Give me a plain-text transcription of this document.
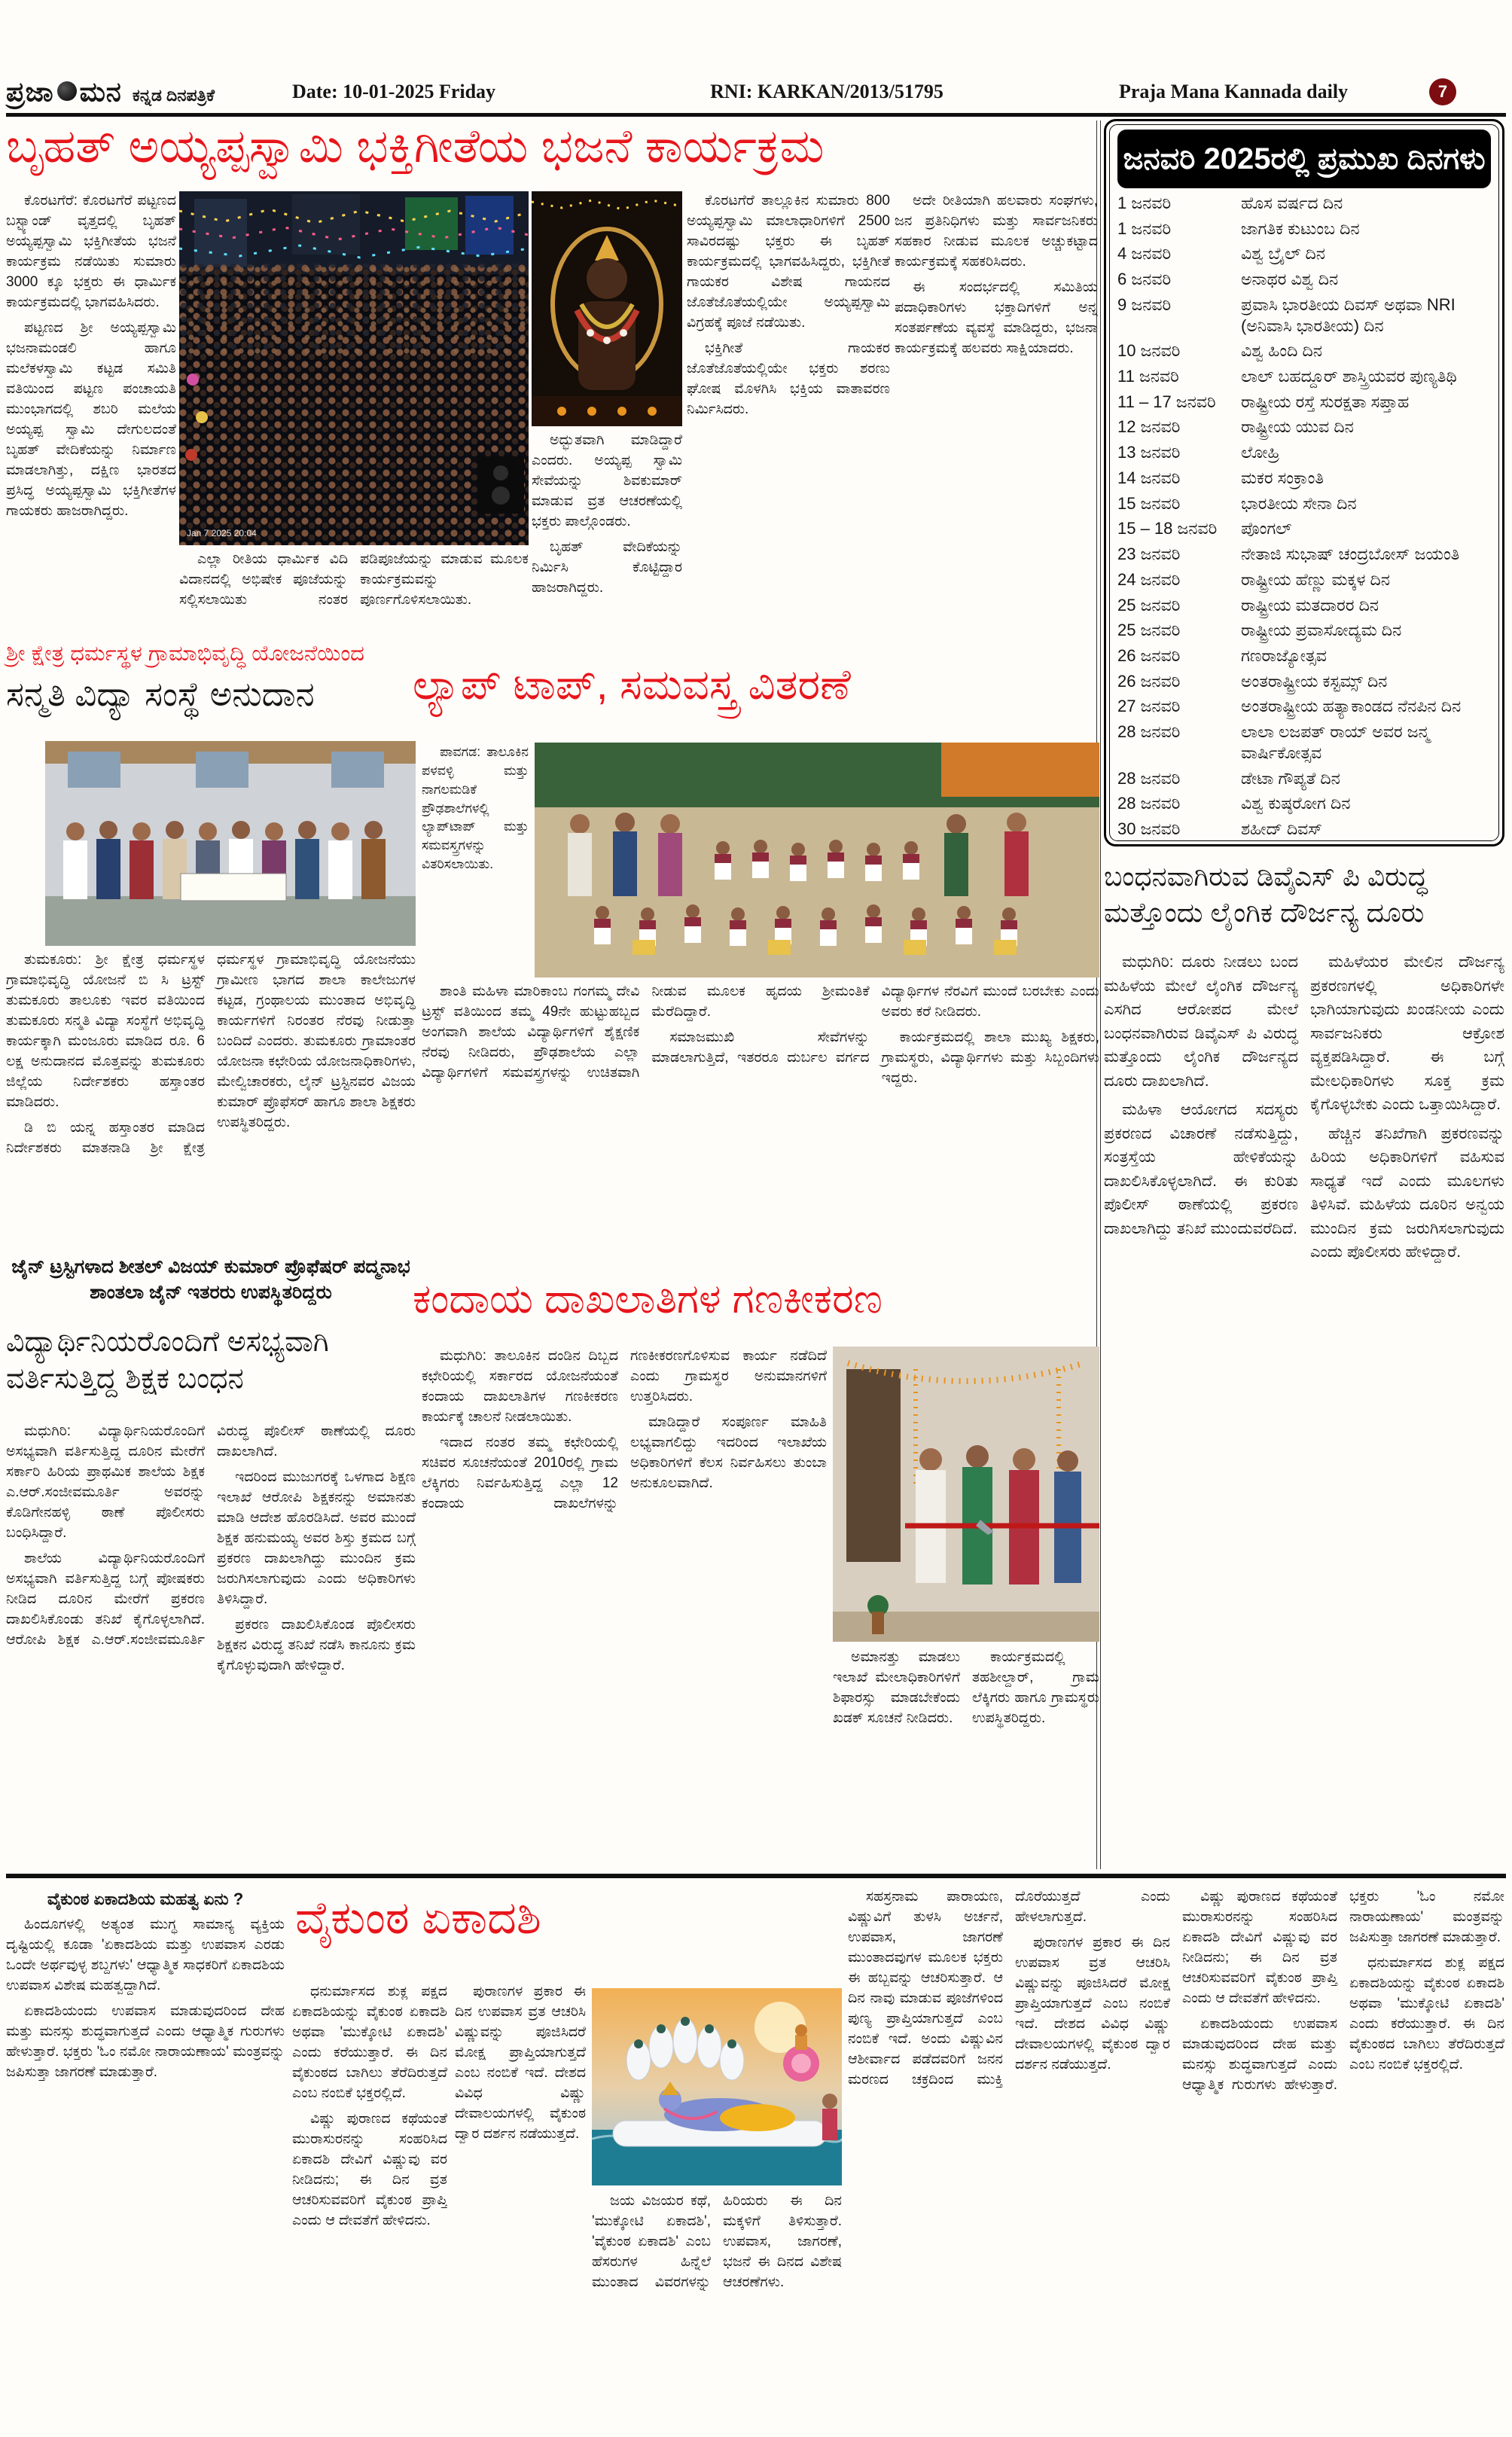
ಪ್ರಜಾ ಮನ ಕನ್ನಡ ದಿನಪತ್ರಿಕೆ	Date: 10-01-2025 Friday	RNI: KARKAN/2013/51795	Praja Mana Kannada daily	7
ಬೃಹತ್ ಅಯ್ಯಪ್ಪಸ್ವಾಮಿ ಭಕ್ತಿಗೀತೆಯ ಭಜನೆ ಕಾರ್ಯಕ್ರಮ	ಜನವರಿ 2025ರಲ್ಲಿ ಪ್ರಮುಖ ದಿನಗಳು
1 ಜನವರಿ	ಹೊಸ ವರ್ಷದ ದಿನ
1 ಜನವರಿ	ಜಾಗತಿಕ ಕುಟುಂಬ ದಿನ
4 ಜನವರಿ	ವಿಶ್ವ ಬ್ರೈಲ್ ದಿನ
6 ಜನವರಿ	ಅನಾಥರ ವಿಶ್ವ ದಿನ
9 ಜನವರಿ	ಪ್ರವಾಸಿ ಭಾರತೀಯ ದಿವಸ್ ಅಥವಾ NRI (ಅನಿವಾಸಿ ಭಾರತೀಯ) ದಿನ
10 ಜನವರಿ	ವಿಶ್ವ ಹಿಂದಿ ದಿನ
11 ಜನವರಿ	ಲಾಲ್ ಬಹದ್ದೂರ್ ಶಾಸ್ತ್ರಿಯವರ ಪುಣ್ಯತಿಥಿ
11 – 17 ಜನವರಿ	ರಾಷ್ಟ್ರೀಯ ರಸ್ತೆ ಸುರಕ್ಷತಾ ಸಪ್ತಾಹ
12 ಜನವರಿ	ರಾಷ್ಟ್ರೀಯ ಯುವ ದಿನ
13 ಜನವರಿ	ಲೋಹ್ರಿ
14 ಜನವರಿ	ಮಕರ ಸಂಕ್ರಾಂತಿ
15 ಜನವರಿ	ಭಾರತೀಯ ಸೇನಾ ದಿನ
15 – 18 ಜನವರಿ	ಪೊಂಗಲ್
23 ಜನವರಿ	ನೇತಾಜಿ ಸುಭಾಷ್ ಚಂದ್ರಬೋಸ್ ಜಯಂತಿ
24 ಜನವರಿ	ರಾಷ್ಟ್ರೀಯ ಹೆಣ್ಣು ಮಕ್ಕಳ ದಿನ
25 ಜನವರಿ	ರಾಷ್ಟ್ರೀಯ ಮತದಾರರ ದಿನ
25 ಜನವರಿ	ರಾಷ್ಟ್ರೀಯ ಪ್ರವಾಸೋದ್ಯಮ ದಿನ
26 ಜನವರಿ	ಗಣರಾಜ್ಯೋತ್ಸವ
26 ಜನವರಿ	ಅಂತರಾಷ್ಟ್ರೀಯ ಕಸ್ಟಮ್ಸ್ ದಿನ
27 ಜನವರಿ	ಅಂತರಾಷ್ಟ್ರೀಯ ಹತ್ಯಾಕಾಂಡದ ನೆನಪಿನ ದಿನ
28 ಜನವರಿ	ಲಾಲಾ ಲಜಪತ್ ರಾಯ್ ಅವರ ಜನ್ಮ ವಾರ್ಷಿಕೋತ್ಸವ
28 ಜನವರಿ	ಡೇಟಾ ಗೌಪ್ಯತೆ ದಿನ
28 ಜನವರಿ	ವಿಶ್ವ ಕುಷ್ಠರೋಗ ದಿನ
30 ಜನವರಿ	ಶಹೀದ್ ದಿವಸ್

ಕೊರಟಗೆರೆ: ಕೊರಟಗೆರೆ ಪಟ್ಟಣದ ಬಸ್ಟ್ಯಾಂಡ್ ವೃತ್ತದಲ್ಲಿ ಬೃಹತ್ ಅಯ್ಯಪ್ಪಸ್ವಾಮಿ ಭಕ್ತಿಗೀತೆಯ ಭಜನೆ ಕಾರ್ಯಕ್ರಮ ನಡೆಯಿತು ಸುಮಾರು 3000 ಕ್ಕೂ ಭಕ್ತರು ಈ ಧಾರ್ಮಿಕ ಕಾರ್ಯಕ್ರಮದಲ್ಲಿ ಭಾಗವಹಿಸಿದರು.

ಪಟ್ಟಣದ ಶ್ರೀ ಅಯ್ಯಪ್ಪಸ್ವಾಮಿ ಭಜನಾಮಂಡಲಿ ಹಾಗೂ ಮಲೆಕಳಸ್ವಾಮಿ ಕಟ್ಟಡ ಸಮಿತಿ ವತಿಯಿಂದ ಪಟ್ಟಣ ಪಂಚಾಯತಿ ಮುಂಭಾಗದಲ್ಲಿ ಶಬರಿ ಮಲೆಯ ಅಯ್ಯಪ್ಪ ಸ್ವಾಮಿ ದೇಗುಲದಂತೆ ಬೃಹತ್ ವೇದಿಕೆಯನ್ನು ನಿರ್ಮಾಣ ಮಾಡಲಾಗಿತ್ತು, ದಕ್ಷಿಣ ಭಾರತದ ಪ್ರಸಿದ್ಧ ಅಯ್ಯಪ್ಪಸ್ವಾಮಿ ಭಕ್ತಿಗೀತೆಗಳ ಗಾಯಕರು ಹಾಜರಾಗಿದ್ದರು.

Jan 7 2025 20:04

ಅದ್ಭುತವಾಗಿ ಮಾಡಿದ್ದಾರೆ ಎಂದರು. ಅಯ್ಯಪ್ಪ ಸ್ವಾಮಿ ಸೇವೆಯನ್ನು ಶಿವಕುಮಾರ್ ಮಾಡುವ ವ್ರತ ಆಚರಣೆಯಲ್ಲಿ ಭಕ್ತರು ಪಾಲ್ಗೊಂಡರು.

ಬೃಹತ್ ವೇದಿಕೆಯನ್ನು ನಿರ್ಮಿಸಿ ಕೊಟ್ಟಿದ್ದಾರ ಹಾಜರಾಗಿದ್ದರು.

ಎಲ್ಲಾ ರೀತಿಯ ಧಾರ್ಮಿಕ ವಿದಿ ವಿದಾನದಲ್ಲಿ ಅಭಿಷೇಕ ಪೂಜೆಯನ್ನು ಸಲ್ಲಿಸಲಾಯಿತು ನಂತರ ಪಡಿಪೂಜೆಯನ್ನು ಮಾಡುವ ಮೂಲಕ ಕಾರ್ಯಕ್ರಮವನ್ನು ಪೂರ್ಣಗೊಳಿಸಲಾಯಿತು.

ಕೊರಟಗೆರೆ ತಾಲ್ಲೂಕಿನ ಸುಮಾರು 800 ಅಯ್ಯಪ್ಪಸ್ವಾಮಿ ಮಾಲಾಧಾರಿಗಳಿಗೆ 2500 ಸಾವಿರದಷ್ಟು ಭಕ್ತರು ಈ ಬೃಹತ್ ಕಾರ್ಯಕ್ರಮದಲ್ಲಿ ಭಾಗವಹಿಸಿದ್ದರು, ಭಕ್ತಿಗೀತೆ ಗಾಯಕರ ವಿಶೇಷ ಗಾಯನದ ಜೊತೆಜೊತೆಯಲ್ಲಿಯೇ ಅಯ್ಯಪ್ಪಸ್ವಾಮಿ ವಿಗ್ರಹಕ್ಕೆ ಪೂಜೆ ನಡೆಯಿತು.

ಭಕ್ತಿಗೀತೆ ಗಾಯಕರ ಜೊತೆಜೊತೆಯಲ್ಲಿಯೇ ಭಕ್ತರು ಶರಣು ಘೋಷ ಮೊಳಗಿಸಿ ಭಕ್ತಿಯ ವಾತಾವರಣ ನಿರ್ಮಿಸಿದರು.

ಅದೇ ರೀತಿಯಾಗಿ ಹಲವಾರು ಸಂಘಗಳು, ಜನ ಪ್ರತಿನಿಧಿಗಳು ಮತ್ತು ಸಾರ್ವಜನಿಕರು ಸಹಕಾರ ನೀಡುವ ಮೂಲಕ ಅಚ್ಚುಕಟ್ಟಾದ ಕಾರ್ಯಕ್ರಮಕ್ಕೆ ಸಹಕರಿಸಿದರು.

ಈ ಸಂದರ್ಭದಲ್ಲಿ ಸಮಿತಿಯ ಪದಾಧಿಕಾರಿಗಳು ಭಕ್ತಾದಿಗಳಿಗೆ ಅನ್ನ ಸಂತರ್ಪಣೆಯ ವ್ಯವಸ್ಥೆ ಮಾಡಿದ್ದರು, ಭಜನಾ ಕಾರ್ಯಕ್ರಮಕ್ಕೆ ಹಲವರು ಸಾಕ್ಷಿಯಾದರು.

ಶ್ರೀ ಕ್ಷೇತ್ರ ಧರ್ಮಸ್ಥಳ ಗ್ರಾಮಾಭಿವೃದ್ಧಿ ಯೋಜನೆಯಿಂದ
ಸನ್ಮತಿ ವಿದ್ಯಾ ಸಂಸ್ಥೆ ಅನುದಾನ

ತುಮಕೂರು: ಶ್ರೀ ಕ್ಷೇತ್ರ ಧರ್ಮಸ್ಥಳ ಗ್ರಾಮಾಭಿವೃದ್ಧಿ ಯೋಜನೆ ಬಿ ಸಿ ಟ್ರಸ್ಟ್ ತುಮಕೂರು ತಾಲೂಕು ಇವರ ವತಿಯಿಂದ ತುಮಕೂರು ಸನ್ಮತಿ ವಿದ್ಯಾ ಸಂಸ್ಥೆಗೆ ಅಭಿವೃದ್ಧಿ ಕಾರ್ಯಕ್ಕಾಗಿ ಮಂಜೂರು ಮಾಡಿದ ರೂ. 6 ಲಕ್ಷ ಅನುದಾನದ ಮೊತ್ತವನ್ನು ತುಮಕೂರು ಜಿಲ್ಲೆಯ ನಿರ್ದೇಶಕರು ಹಸ್ತಾಂತರ ಮಾಡಿದರು.

ಡಿ ಬಿ ಯನ್ನ ಹಸ್ತಾಂತರ ಮಾಡಿದ ನಿರ್ದೇಶಕರು ಮಾತನಾಡಿ ಶ್ರೀ ಕ್ಷೇತ್ರ ಧರ್ಮಸ್ಥಳ ಗ್ರಾಮಾಭಿವೃದ್ಧಿ ಯೋಜನೆಯು ಗ್ರಾಮೀಣ ಭಾಗದ ಶಾಲಾ ಕಾಲೇಜುಗಳ ಕಟ್ಟಡ, ಗ್ರಂಥಾಲಯ ಮುಂತಾದ ಅಭಿವೃದ್ಧಿ ಕಾರ್ಯಗಳಿಗೆ ನಿರಂತರ ನೆರವು ನೀಡುತ್ತಾ ಬಂದಿದೆ ಎಂದರು. ತುಮಕೂರು ಗ್ರಾಮಾಂತರ ಯೋಜನಾ ಕಛೇರಿಯ ಯೋಜನಾಧಿಕಾರಿಗಳು, ಮೇಲ್ವಿಚಾರಕರು, ಲೈನ್ ಟ್ರಸ್ಟಿನವರ ವಿಜಯ ಕುಮಾರ್ ಪ್ರೊಫೆಸರ್ ಹಾಗೂ ಶಾಲಾ ಶಿಕ್ಷಕರು ಉಪಸ್ಥಿತರಿದ್ದರು.

ಜೈನ್ ಟ್ರಸ್ಟಿಗಳಾದ ಶೀತಲ್ ವಿಜಯ್ ಕುಮಾರ್ ಪ್ರೊಫೆಷರ್ ಪದ್ಮನಾಭ ಶಾಂತಲಾ ಜೈನ್ ಇತರರು ಉಪಸ್ಥಿತರಿದ್ದರು
ವಿದ್ಯಾರ್ಥಿನಿಯರೊಂದಿಗೆ ಅಸಭ್ಯವಾಗಿ
ವರ್ತಿಸುತ್ತಿದ್ದ ಶಿಕ್ಷಕ ಬಂಧನ

ಮಧುಗಿರಿ: ವಿದ್ಯಾರ್ಥಿನಿಯರೊಂದಿಗೆ ಅಸಭ್ಯವಾಗಿ ವರ್ತಿಸುತ್ತಿದ್ದ ದೂರಿನ ಮೇರೆಗೆ ಸರ್ಕಾರಿ ಹಿರಿಯ ಪ್ರಾಥಮಿಕ ಶಾಲೆಯ ಶಿಕ್ಷಕ ಎ.ಆರ್.ಸಂಜೀವಮೂರ್ತಿ ಅವರನ್ನು ಕೊಡಿಗೇನಹಳ್ಳಿ ಠಾಣೆ ಪೊಲೀಸರು ಬಂಧಿಸಿದ್ದಾರೆ.

ಶಾಲೆಯ ವಿದ್ಯಾರ್ಥಿನಿಯರೊಂದಿಗೆ ಅಸಭ್ಯವಾಗಿ ವರ್ತಿಸುತ್ತಿದ್ದ ಬಗ್ಗೆ ಪೋಷಕರು ನೀಡಿದ ದೂರಿನ ಮೇರೆಗೆ ಪ್ರಕರಣ ದಾಖಲಿಸಿಕೊಂಡು ತನಿಖೆ ಕೈಗೊಳ್ಳಲಾಗಿದೆ. ಆರೋಪಿ ಶಿಕ್ಷಕ ಎ.ಆರ್.ಸಂಜೀವಮೂರ್ತಿ ವಿರುದ್ಧ ಪೊಲೀಸ್ ಠಾಣೆಯಲ್ಲಿ ದೂರು ದಾಖಲಾಗಿದೆ.

ಇದರಿಂದ ಮುಜುಗರಕ್ಕೆ ಒಳಗಾದ ಶಿಕ್ಷಣ ಇಲಾಖೆ ಆರೋಪಿ ಶಿಕ್ಷಕನನ್ನು ಅಮಾನತು ಮಾಡಿ ಆದೇಶ ಹೊರಡಿಸಿದೆ. ಅವರ ಮುಂದೆ ಶಿಕ್ಷಕ ಹನುಮಯ್ಯ ಅವರ ಶಿಸ್ತು ಕ್ರಮದ ಬಗ್ಗೆ ಪ್ರಕರಣ ದಾಖಲಾಗಿದ್ದು ಮುಂದಿನ ಕ್ರಮ ಜರುಗಿಸಲಾಗುವುದು ಎಂದು ಅಧಿಕಾರಿಗಳು ತಿಳಿಸಿದ್ದಾರೆ.

ಪ್ರಕರಣ ದಾಖಲಿಸಿಕೊಂಡ ಪೊಲೀಸರು ಶಿಕ್ಷಕನ ವಿರುದ್ಧ ತನಿಖೆ ನಡೆಸಿ ಕಾನೂನು ಕ್ರಮ ಕೈಗೊಳ್ಳುವುದಾಗಿ ಹೇಳಿದ್ದಾರೆ.

ಲ್ಯಾಪ್ ಟಾಪ್, ಸಮವಸ್ತ್ರ ವಿತರಣೆ

ಪಾವಗಡ: ತಾಲೂಕಿನ ಪಳವಳ್ಳಿ ಮತ್ತು ನಾಗಲಮಡಿಕೆ ಪ್ರೌಢಶಾಲೆಗಳಲ್ಲಿ ಲ್ಯಾಪ್‌ಟಾಪ್ ಮತ್ತು ಸಮವಸ್ತ್ರಗಳನ್ನು ವಿತರಿಸಲಾಯಿತು.

ಶಾಂತಿ ಮಹಿಳಾ ಮಾರಿಕಾಂಬ ಗಂಗಮ್ಮ ದೇವಿ ಟ್ರಸ್ಟ್ ವತಿಯಿಂದ ತಮ್ಮ 49ನೇ ಹುಟ್ಟುಹಬ್ಬದ ಅಂಗವಾಗಿ ಶಾಲೆಯ ವಿದ್ಯಾರ್ಥಿಗಳಿಗೆ ಶೈಕ್ಷಣಿಕ ನೆರವು ನೀಡಿದರು, ಪ್ರೌಢಶಾಲೆಯ ಎಲ್ಲಾ ವಿದ್ಯಾರ್ಥಿಗಳಿಗೆ ಸಮವಸ್ತ್ರಗಳನ್ನು ಉಚಿತವಾಗಿ ನೀಡುವ ಮೂಲಕ ಹೃದಯ ಶ್ರೀಮಂತಿಕೆ ಮೆರೆದಿದ್ದಾರೆ.

ಸಮಾಜಮುಖಿ ಸೇವೆಗಳನ್ನು ಮಾಡಲಾಗುತ್ತಿದೆ, ಇತರರೂ ದುರ್ಬಲ ವರ್ಗದ ವಿದ್ಯಾರ್ಥಿಗಳ ನೆರವಿಗೆ ಮುಂದೆ ಬರಬೇಕು ಎಂದು ಅವರು ಕರೆ ನೀಡಿದರು.

ಕಾರ್ಯಕ್ರಮದಲ್ಲಿ ಶಾಲಾ ಮುಖ್ಯ ಶಿಕ್ಷಕರು, ಗ್ರಾಮಸ್ಥರು, ವಿದ್ಯಾರ್ಥಿಗಳು ಮತ್ತು ಸಿಬ್ಬಂದಿಗಳು ಇದ್ದರು.

ಕಂದಾಯ ದಾಖಲಾತಿಗಳ ಗಣಕೀಕರಣ

ಮಧುಗಿರಿ: ತಾಲೂಕಿನ ದಂಡಿನ ದಿಬ್ಬದ ಕಛೇರಿಯಲ್ಲಿ ಸರ್ಕಾರದ ಯೋಜನೆಯಂತೆ ಕಂದಾಯ ದಾಖಲಾತಿಗಳ ಗಣಕೀಕರಣ ಕಾರ್ಯಕ್ಕೆ ಚಾಲನೆ ನೀಡಲಾಯಿತು.

ಇದಾದ ನಂತರ ತಮ್ಮ ಕಛೇರಿಯಲ್ಲಿ ಸಚಿವರ ಸೂಚನೆಯಂತೆ 2010ರಲ್ಲಿ ಗ್ರಾಮ ಲೆಕ್ಕಿಗರು ನಿರ್ವಹಿಸುತ್ತಿದ್ದ ಎಲ್ಲಾ 12 ಕಂದಾಯ ದಾಖಲೆಗಳನ್ನು ಗಣಕೀಕರಣಗೊಳಿಸುವ ಕಾರ್ಯ ನಡೆದಿದೆ ಎಂದು ಗ್ರಾಮಸ್ಥರ ಅನುಮಾನಗಳಿಗೆ ಉತ್ತರಿಸಿದರು.

ಮಾಡಿದ್ದಾರೆ ಸಂಪೂರ್ಣ ಮಾಹಿತಿ ಲಭ್ಯವಾಗಲಿದ್ದು ಇದರಿಂದ ಇಲಾಖೆಯ ಅಧಿಕಾರಿಗಳಿಗೆ ಕೆಲಸ ನಿರ್ವಹಿಸಲು ತುಂಬಾ ಅನುಕೂಲವಾಗಿದೆ.

ಅಮಾನತ್ತು ಮಾಡಲು ಇಲಾಖೆ ಮೇಲಾಧಿಕಾರಿಗಳಿಗೆ ಶಿಫಾರಸ್ಸು ಮಾಡಬೇಕೆಂದು ಖಡಕ್ ಸೂಚನೆ ನೀಡಿದರು.

ಕಾರ್ಯಕ್ರಮದಲ್ಲಿ ತಹಶೀಲ್ದಾರ್, ಗ್ರಾಮ ಲೆಕ್ಕಿಗರು ಹಾಗೂ ಗ್ರಾಮಸ್ಥರು ಉಪಸ್ಥಿತರಿದ್ದರು.

ಬಂಧನವಾಗಿರುವ ಡಿವೈಎಸ್ ಪಿ ವಿರುದ್ಧ
ಮತ್ತೊಂದು ಲೈಂಗಿಕ ದೌರ್ಜನ್ಯ ದೂರು

ಮಧುಗಿರಿ: ದೂರು ನೀಡಲು ಬಂದ ಮಹಿಳೆಯ ಮೇಲೆ ಲೈಂಗಿಕ ದೌರ್ಜನ್ಯ ಎಸಗಿದ ಆರೋಪದ ಮೇಲೆ ಬಂಧನವಾಗಿರುವ ಡಿವೈಎಸ್ ಪಿ ವಿರುದ್ಧ ಮತ್ತೊಂದು ಲೈಂಗಿಕ ದೌರ್ಜನ್ಯದ ದೂರು ದಾಖಲಾಗಿದೆ.

ಮಹಿಳಾ ಆಯೋಗದ ಸದಸ್ಯರು ಪ್ರಕರಣದ ವಿಚಾರಣೆ ನಡೆಸುತ್ತಿದ್ದು, ಸಂತ್ರಸ್ತೆಯ ಹೇಳಿಕೆಯನ್ನು ದಾಖಲಿಸಿಕೊಳ್ಳಲಾಗಿದೆ. ಈ ಕುರಿತು ಪೊಲೀಸ್ ಠಾಣೆಯಲ್ಲಿ ಪ್ರಕರಣ ದಾಖಲಾಗಿದ್ದು ತನಿಖೆ ಮುಂದುವರೆದಿದೆ.

ಮಹಿಳೆಯರ ಮೇಲಿನ ದೌರ್ಜನ್ಯ ಪ್ರಕರಣಗಳಲ್ಲಿ ಅಧಿಕಾರಿಗಳೇ ಭಾಗಿಯಾಗುವುದು ಖಂಡನೀಯ ಎಂದು ಸಾರ್ವಜನಿಕರು ಆಕ್ರೋಶ ವ್ಯಕ್ತಪಡಿಸಿದ್ದಾರೆ. ಈ ಬಗ್ಗೆ ಮೇಲಧಿಕಾರಿಗಳು ಸೂಕ್ತ ಕ್ರಮ ಕೈಗೊಳ್ಳಬೇಕು ಎಂದು ಒತ್ತಾಯಿಸಿದ್ದಾರೆ.

ಹೆಚ್ಚಿನ ತನಿಖೆಗಾಗಿ ಪ್ರಕರಣವನ್ನು ಹಿರಿಯ ಅಧಿಕಾರಿಗಳಿಗೆ ವಹಿಸುವ ಸಾಧ್ಯತೆ ಇದೆ ಎಂದು ಮೂಲಗಳು ತಿಳಿಸಿವೆ. ಮಹಿಳೆಯ ದೂರಿನ ಅನ್ವಯ ಮುಂದಿನ ಕ್ರಮ ಜರುಗಿಸಲಾಗುವುದು ಎಂದು ಪೊಲೀಸರು ಹೇಳಿದ್ದಾರೆ.

ವೈಕುಂಠ ಏಕಾದಶಿಯ ಮಹತ್ವ ಏನು ?

ಹಿಂದೂಗಳಲ್ಲಿ ಅತ್ಯಂತ ಮುಗ್ಧ ಸಾಮಾನ್ಯ ವ್ಯಕ್ತಿಯ ದೃಷ್ಟಿಯಲ್ಲಿ ಕೂಡಾ 'ಏಕಾದಶಿಯ ಮತ್ತು ಉಪವಾಸ ಎರಡು ಒಂದೇ ಅರ್ಥವುಳ್ಳ ಶಬ್ದಗಳು' ಆಧ್ಯಾತ್ಮಿಕ ಸಾಧಕರಿಗೆ ಏಕಾದಶಿಯ ಉಪವಾಸ ವಿಶೇಷ ಮಹತ್ವದ್ದಾಗಿದೆ.

ಏಕಾದಶಿಯಂದು ಉಪವಾಸ ಮಾಡುವುದರಿಂದ ದೇಹ ಮತ್ತು ಮನಸ್ಸು ಶುದ್ಧವಾಗುತ್ತದೆ ಎಂದು ಆಧ್ಯಾತ್ಮಿಕ ಗುರುಗಳು ಹೇಳುತ್ತಾರೆ. ಭಕ್ತರು 'ಓಂ ನಮೋ ನಾರಾಯಣಾಯ' ಮಂತ್ರವನ್ನು ಜಪಿಸುತ್ತಾ ಜಾಗರಣೆ ಮಾಡುತ್ತಾರೆ.

ವೈಕುಂಠ ಏಕಾದಶಿ

ಧನುರ್ಮಾಸದ ಶುಕ್ಲ ಪಕ್ಷದ ಏಕಾದಶಿಯನ್ನು ವೈಕುಂಠ ಏಕಾದಶಿ ಅಥವಾ 'ಮುಕ್ಕೋಟಿ ಏಕಾದಶಿ' ಎಂದು ಕರೆಯುತ್ತಾರೆ. ಈ ದಿನ ವೈಕುಂಠದ ಬಾಗಿಲು ತೆರೆದಿರುತ್ತದೆ ಎಂಬ ನಂಬಿಕೆ ಭಕ್ತರಲ್ಲಿದೆ.

ವಿಷ್ಣು ಪುರಾಣದ ಕಥೆಯಂತೆ ಮುರಾಸುರನನ್ನು ಸಂಹರಿಸಿದ ಏಕಾದಶಿ ದೇವಿಗೆ ವಿಷ್ಣುವು ವರ ನೀಡಿದನು; ಈ ದಿನ ವ್ರತ ಆಚರಿಸುವವರಿಗೆ ವೈಕುಂಠ ಪ್ರಾಪ್ತಿ ಎಂದು ಆ ದೇವತೆಗೆ ಹೇಳಿದನು.

ಪುರಾಣಗಳ ಪ್ರಕಾರ ಈ ದಿನ ಉಪವಾಸ ವ್ರತ ಆಚರಿಸಿ ವಿಷ್ಣುವನ್ನು ಪೂಜಿಸಿದರೆ ಮೋಕ್ಷ ಪ್ರಾಪ್ತಿಯಾಗುತ್ತದೆ ಎಂಬ ನಂಬಿಕೆ ಇದೆ. ದೇಶದ ವಿವಿಧ ವಿಷ್ಣು ದೇವಾಲಯಗಳಲ್ಲಿ ವೈಕುಂಠ ದ್ವಾರ ದರ್ಶನ ನಡೆಯುತ್ತದೆ.

ಜಯ ವಿಜಯರ ಕಥೆ, 'ಮುಕ್ಕೋಟಿ ಏಕಾದಶಿ', 'ವೈಕುಂಠ ಏಕಾದಶಿ' ಎಂಬ ಹೆಸರುಗಳ ಹಿನ್ನೆಲೆ ಮುಂತಾದ ವಿವರಗಳನ್ನು ಹಿರಿಯರು ಈ ದಿನ ಮಕ್ಕಳಿಗೆ ತಿಳಿಸುತ್ತಾರೆ. ಉಪವಾಸ, ಜಾಗರಣೆ, ಭಜನೆ ಈ ದಿನದ ವಿಶೇಷ ಆಚರಣೆಗಳು.

ಸಹಸ್ರನಾಮ ಪಾರಾಯಣ, ವಿಷ್ಣುವಿಗೆ ತುಳಸಿ ಅರ್ಚನೆ, ಉಪವಾಸ, ಜಾಗರಣೆ ಮುಂತಾದವುಗಳ ಮೂಲಕ ಭಕ್ತರು ಈ ಹಬ್ಬವನ್ನು ಆಚರಿಸುತ್ತಾರೆ. ಆ ದಿನ ನಾವು ಮಾಡುವ ಪೂಜೆಗಳಿಂದ ಪುಣ್ಯ ಪ್ರಾಪ್ತಿಯಾಗುತ್ತದೆ ಎಂಬ ನಂಬಿಕೆ ಇದೆ. ಅಂದು ವಿಷ್ಣುವಿನ ಆಶೀರ್ವಾದ ಪಡೆದವರಿಗೆ ಜನನ ಮರಣದ ಚಕ್ರದಿಂದ ಮುಕ್ತಿ ದೊರೆಯುತ್ತದೆ ಎಂದು ಹೇಳಲಾಗುತ್ತದೆ.

ಪುರಾಣಗಳ ಪ್ರಕಾರ ಈ ದಿನ ಉಪವಾಸ ವ್ರತ ಆಚರಿಸಿ ವಿಷ್ಣುವನ್ನು ಪೂಜಿಸಿದರೆ ಮೋಕ್ಷ ಪ್ರಾಪ್ತಿಯಾಗುತ್ತದೆ ಎಂಬ ನಂಬಿಕೆ ಇದೆ. ದೇಶದ ವಿವಿಧ ವಿಷ್ಣು ದೇವಾಲಯಗಳಲ್ಲಿ ವೈಕುಂಠ ದ್ವಾರ ದರ್ಶನ ನಡೆಯುತ್ತದೆ.

ವಿಷ್ಣು ಪುರಾಣದ ಕಥೆಯಂತೆ ಮುರಾಸುರನನ್ನು ಸಂಹರಿಸಿದ ಏಕಾದಶಿ ದೇವಿಗೆ ವಿಷ್ಣುವು ವರ ನೀಡಿದನು; ಈ ದಿನ ವ್ರತ ಆಚರಿಸುವವರಿಗೆ ವೈಕುಂಠ ಪ್ರಾಪ್ತಿ ಎಂದು ಆ ದೇವತೆಗೆ ಹೇಳಿದನು.

ಏಕಾದಶಿಯಂದು ಉಪವಾಸ ಮಾಡುವುದರಿಂದ ದೇಹ ಮತ್ತು ಮನಸ್ಸು ಶುದ್ಧವಾಗುತ್ತದೆ ಎಂದು ಆಧ್ಯಾತ್ಮಿಕ ಗುರುಗಳು ಹೇಳುತ್ತಾರೆ. ಭಕ್ತರು 'ಓಂ ನಮೋ ನಾರಾಯಣಾಯ' ಮಂತ್ರವನ್ನು ಜಪಿಸುತ್ತಾ ಜಾಗರಣೆ ಮಾಡುತ್ತಾರೆ.

ಧನುರ್ಮಾಸದ ಶುಕ್ಲ ಪಕ್ಷದ ಏಕಾದಶಿಯನ್ನು ವೈಕುಂಠ ಏಕಾದಶಿ ಅಥವಾ 'ಮುಕ್ಕೋಟಿ ಏಕಾದಶಿ' ಎಂದು ಕರೆಯುತ್ತಾರೆ. ಈ ದಿನ ವೈಕುಂಠದ ಬಾಗಿಲು ತೆರೆದಿರುತ್ತದೆ ಎಂಬ ನಂಬಿಕೆ ಭಕ್ತರಲ್ಲಿದೆ.
